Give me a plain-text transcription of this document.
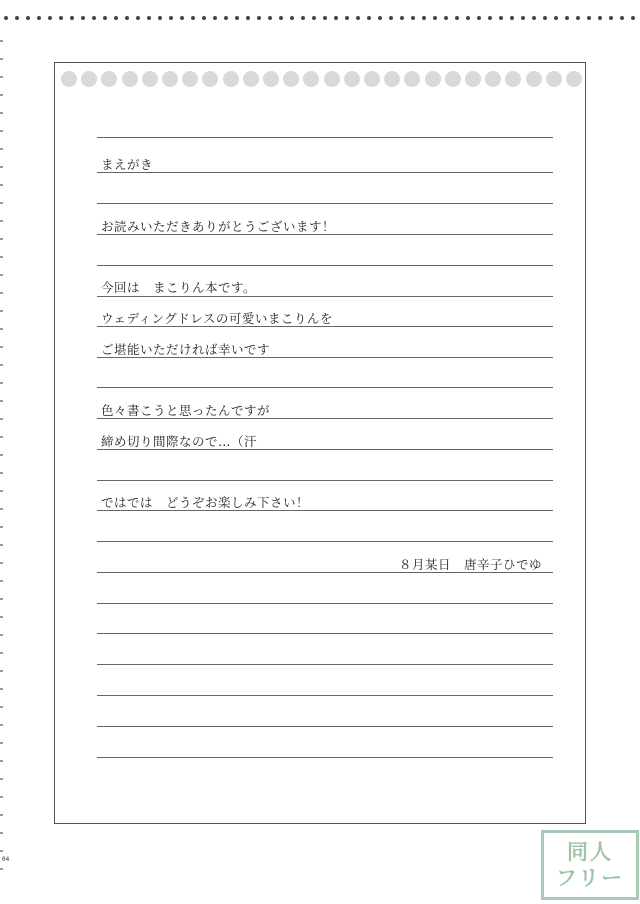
まえがき
お読みいただきありがとうございます！
今回は　まこりん本です。
ウェディングドレスの可愛いまこりんを
ご堪能いただければ幸いです
色々書こうと思ったんですが
締め切り間際なので…（汗
ではでは　どうぞお楽しみ下さい！
８月某日　唐辛子ひでゆ
04	同人
フリー
